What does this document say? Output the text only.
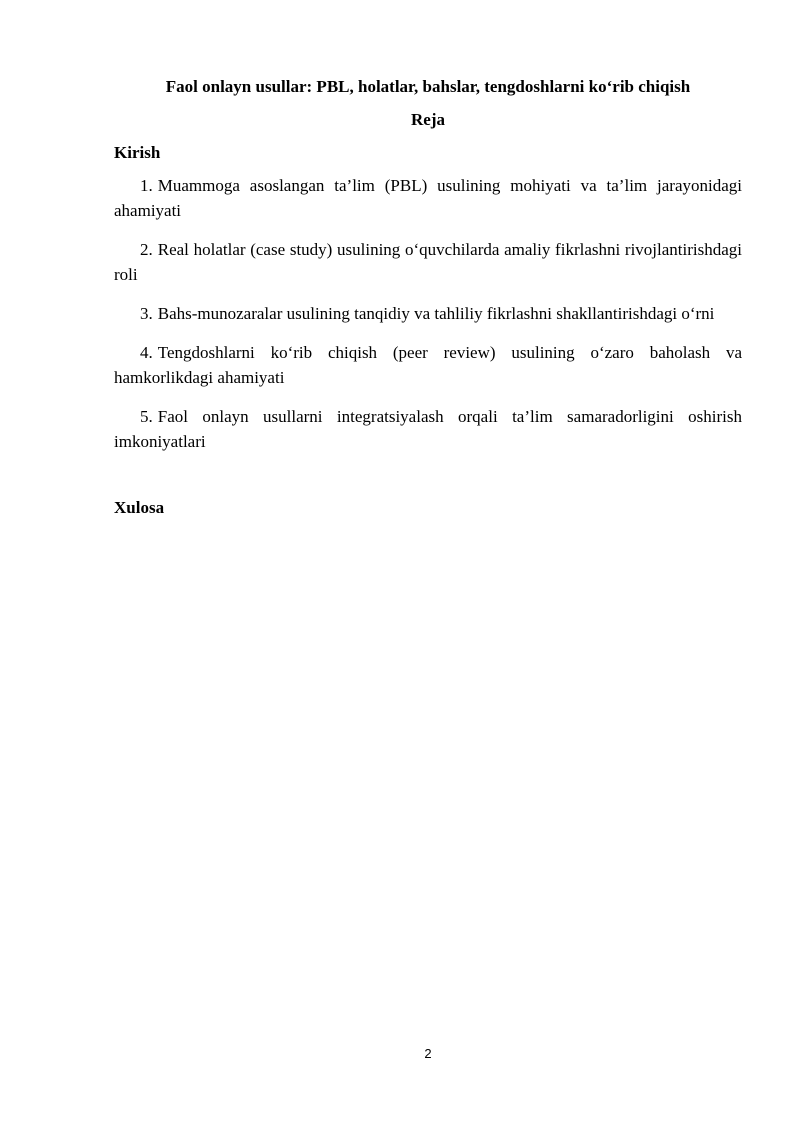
Faol onlayn usullar: PBL, holatlar, bahslar, tengdoshlarni ko‘rib chiqish
Reja
Kirish
1. Muammoga asoslangan ta’lim (PBL) usulining mohiyati va ta’lim jarayonidagi ahamiyati
2. Real holatlar (case study) usulining o‘quvchilarda amaliy fikrlashni rivojlantirishdagi roli
3. Bahs-munozaralar usulining tanqidiy va tahliliy fikrlashni shakllantirishdagi o‘rni
4. Tengdoshlarni ko‘rib chiqish (peer review) usulining o‘zaro baholash va hamkorlikdagi ahamiyati
5. Faol onlayn usullarni integratsiyalash orqali ta’lim samaradorligini oshirish imkoniyatlari
Xulosa
2
